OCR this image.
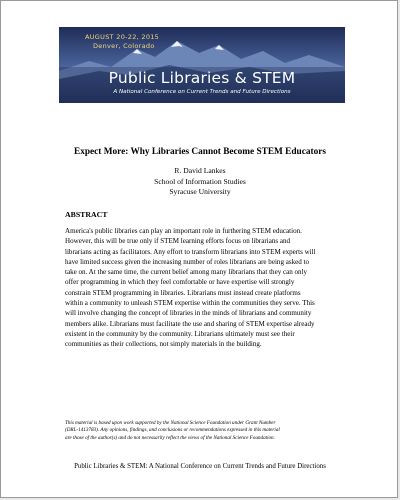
AUGUST 20-22, 2015
Denver, Colorado
Public Libraries & STEM
A National Conference on Current Trends and Future Directions
Expect More: Why Libraries Cannot Become STEM Educators
R. David Lankes
School of Information Studies
Syracuse University
ABSTRACT
America's public libraries can play an important role in furthering STEM education.
However, this will be true only if STEM learning efforts focus on librarians and
librarians acting as facilitators. Any effort to transform librarians into STEM experts will
have limited success given the increasing number of roles librarians are being asked to
take on. At the same time, the current belief among many librarians that they can only
offer programming in which they feel comfortable or have expertise will strongly
constrain STEM programming in libraries. Librarians must instead create platforms
within a community to unleash STEM expertise within the communities they serve. This
will involve changing the concept of libraries in the minds of librarians and community
members alike. Librarians must facilitate the use and sharing of STEM expertise already
existent in the community by the community. Librarians ultimately must see their
communities as their collections, not simply materials in the building.
This material is based upon work supported by the National Science Foundation under Grant Number
(DRL-1413783). Any opinions, findings, and conclusions or recommendations expressed in this material
are those of the author(s) and do not necessarily reflect the views of the National Science Foundation.
Public Libraries & STEM: A National Conference on Current Trends and Future Directions
